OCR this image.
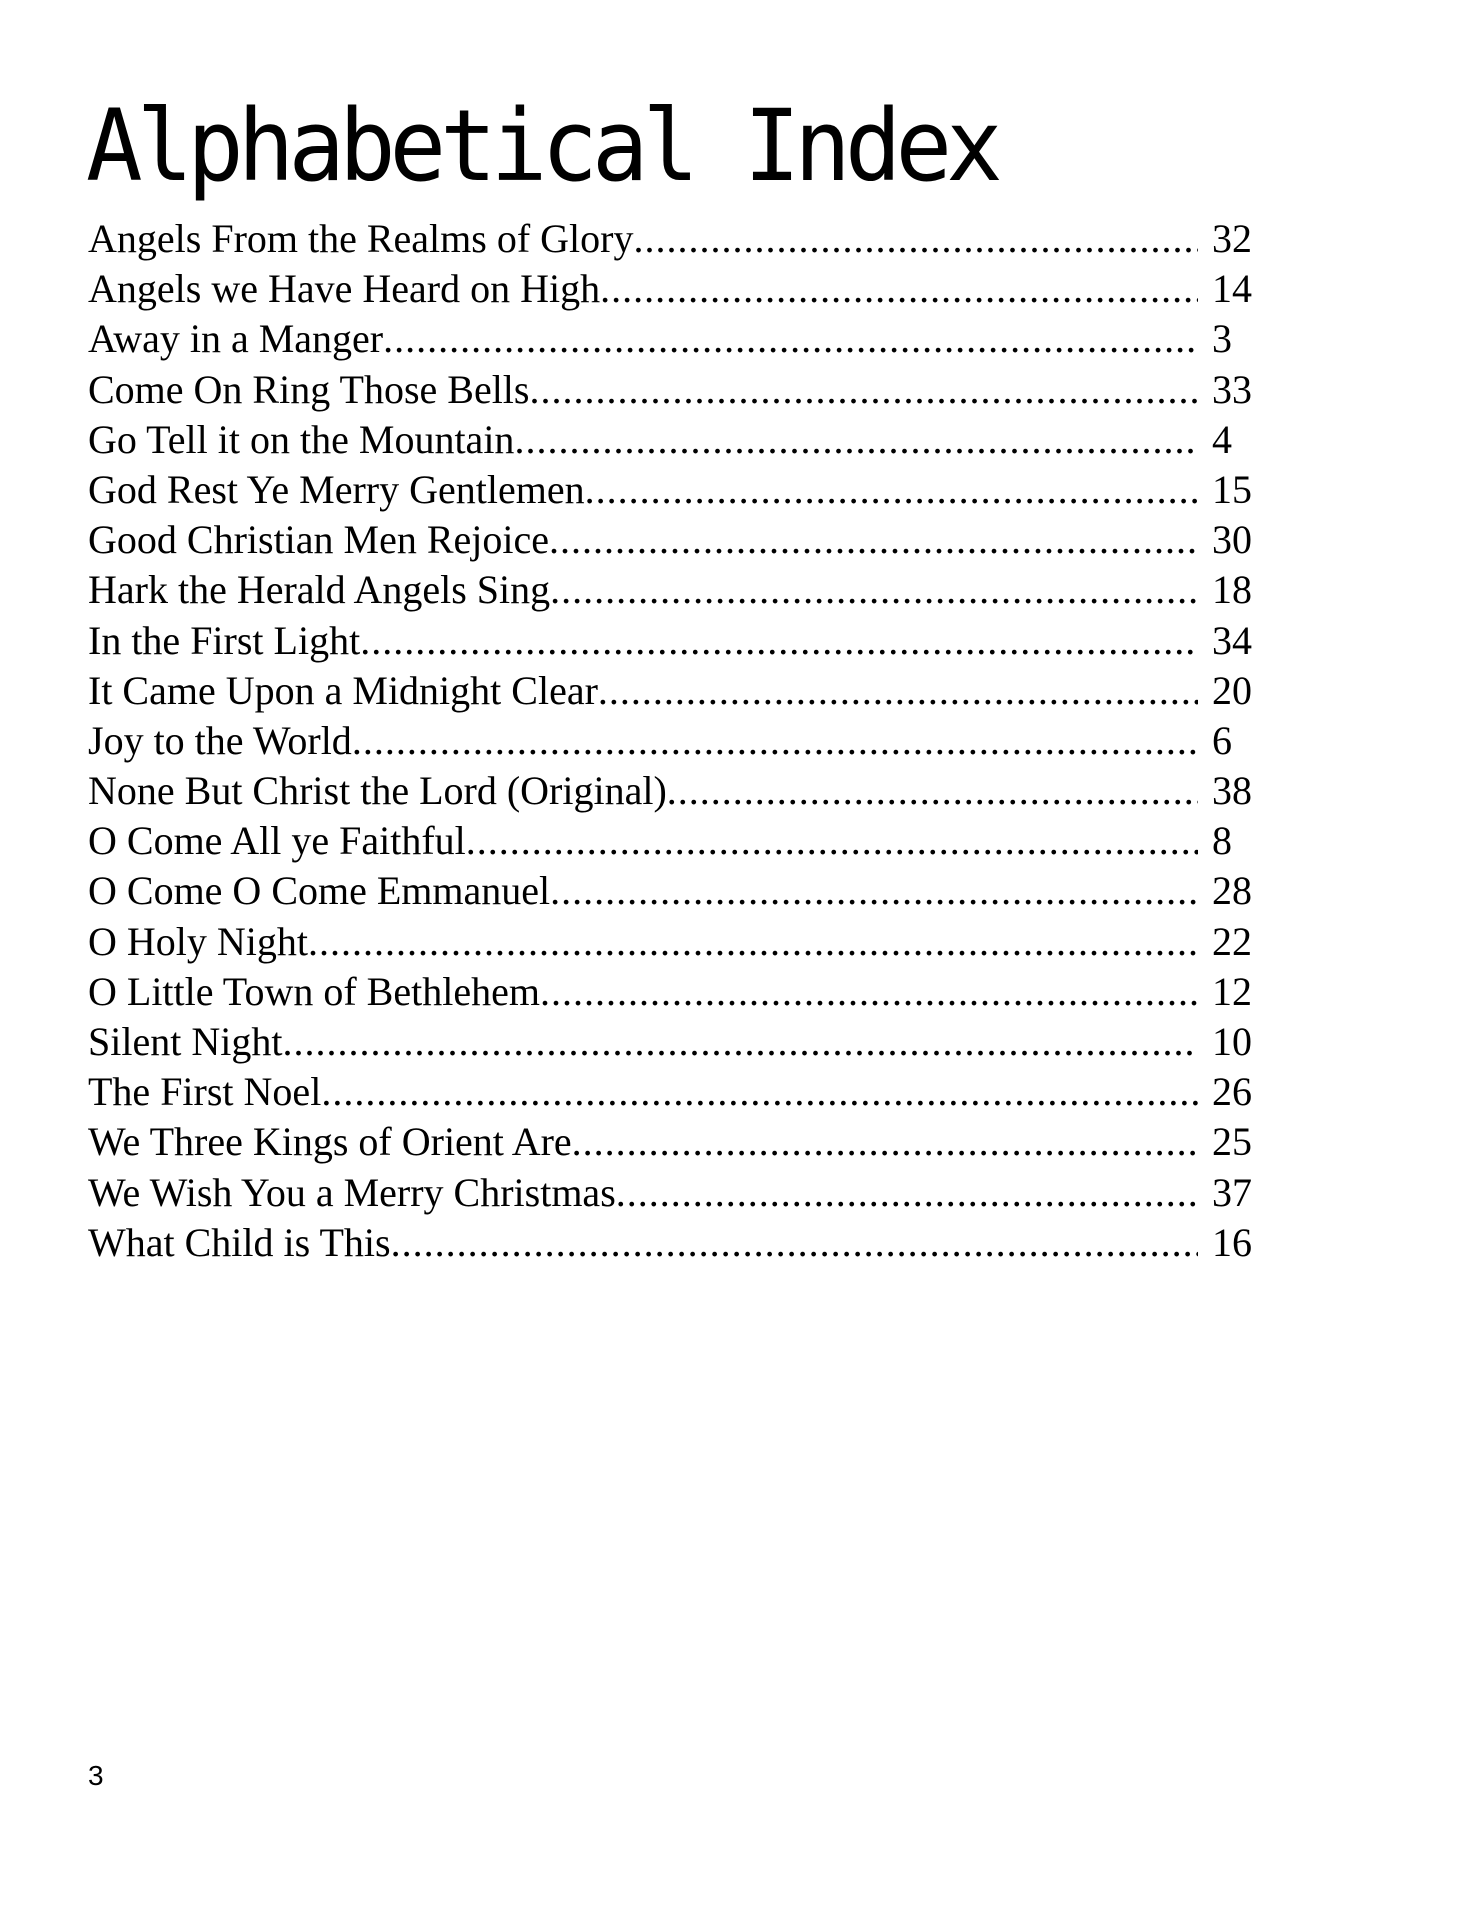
Alphabetical Index
Angels From the Realms of Glory .....	32
Angels we Have Heard on High .....	14
Away in a Manger .....	3
Come On Ring Those Bells .....	33
Go Tell it on the Mountain .....	4
God Rest Ye Merry Gentlemen .....	15
Good Christian Men Rejoice .....	30
Hark the Herald Angels Sing .....	18
In the First Light .....	34
It Came Upon a Midnight Clear .....	20
Joy to the World .....	6
None But Christ the Lord (Original) .....	38
O Come All ye Faithful .....	8
O Come O Come Emmanuel .....	28
O Holy Night .....	22
O Little Town of Bethlehem .....	12
Silent Night .....	10
The First Noel .....	26
We Three Kings of Orient Are .....	25
We Wish You a Merry Christmas .....	37
What Child is This .....	16
3
